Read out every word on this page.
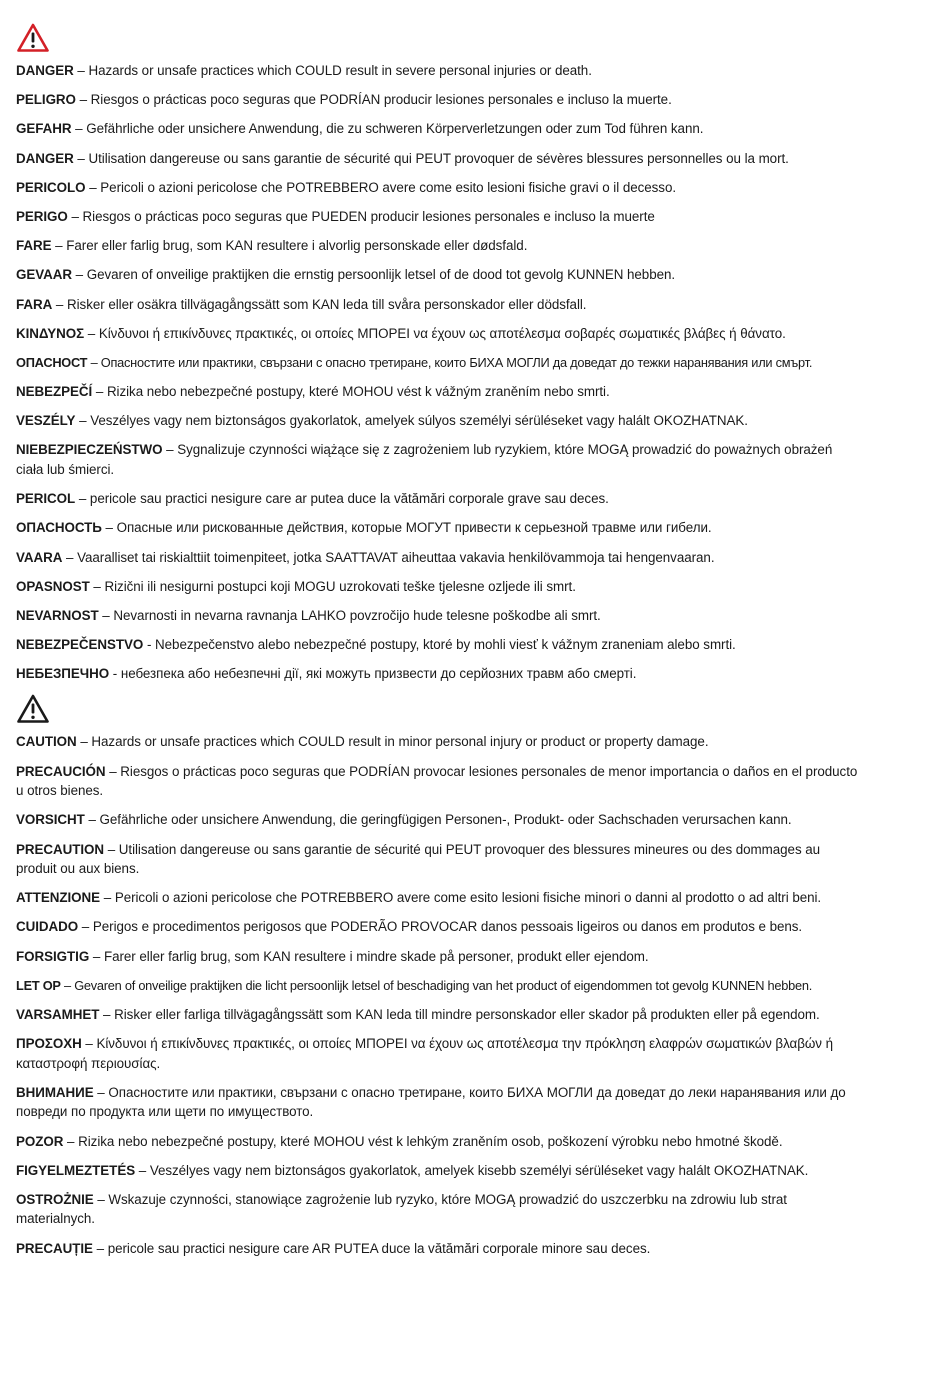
DANGER – Hazards or unsafe practices which COULD result in severe personal injuries or death.

PELIGRO – Riesgos o prácticas poco seguras que PODRÍAN producir lesiones personales e incluso la muerte.

GEFAHR – Gefährliche oder unsichere Anwendung, die zu schweren Körperverletzungen oder zum Tod führen kann.

DANGER – Utilisation dangereuse ou sans garantie de sécurité qui PEUT provoquer de sévères blessures personnelles ou la mort.

PERICOLO – Pericoli o azioni pericolose che POTREBBERO avere come esito lesioni fisiche gravi o il decesso.

PERIGO – Riesgos o prácticas poco seguras que PUEDEN producir lesiones personales e incluso la muerte

FARE – Farer eller farlig brug, som KAN resultere i alvorlig personskade eller dødsfald.

GEVAAR – Gevaren of onveilige praktijken die ernstig persoonlijk letsel of de dood tot gevolg KUNNEN hebben.

FARA – Risker eller osäkra tillvägagångssätt som KAN leda till svåra personskador eller dödsfall.

ΚΙΝΔΥΝΟΣ – Κίνδυνοι ή επικίνδυνες πρακτικές, οι οποίες ΜΠΟΡΕΙ να έχουν ως αποτέλεσμα σοβαρές σωματικές βλάβες ή θάνατο.

ОПАСНОСТ – Опасностите или практики, свързани с опасно третиране, които БИХА МОГЛИ да доведат до тежки наранявания или смърт.

NEBEZPEČÍ – Rizika nebo nebezpečné postupy, které MOHOU vést k vážným zraněním nebo smrti.

VESZÉLY – Veszélyes vagy nem biztonságos gyakorlatok, amelyek súlyos személyi sérüléseket vagy halált OKOZHATNAK.

NIEBEZPIECZEŃSTWO – Sygnalizuje czynności wiążące się z zagrożeniem lub ryzykiem, które MOGĄ prowadzić do poważnych obrażeń ciała lub śmierci.

PERICOL – pericole sau practici nesigure care ar putea duce la vătămări corporale grave sau deces.

ОПАСНОСТЬ – Опасные или рискованные действия, которые МОГУТ привести к серьезной травме или гибели.

VAARA – Vaaralliset tai riskialttiit toimenpiteet, jotka SAATTAVAT aiheuttaa vakavia henkilövammoja tai hengenvaaran.

OPASNOST – Rizični ili nesigurni postupci koji MOGU uzrokovati teške tjelesne ozljede ili smrt.

NEVARNOST – Nevarnosti in nevarna ravnanja LAHKO povzročijo hude telesne poškodbe ali smrt.

NEBEZPEČENSTVO - Nebezpečenstvo alebo nebezpečné postupy, ktoré by mohli viesť k vážnym zraneniam alebo smrti.

НЕБЕЗПЕЧНО - небезпека або небезпечні дії, які можуть призвести до серйозних травм або смерті.

CAUTION – Hazards or unsafe practices which COULD result in minor personal injury or product or property damage.

PRECAUCIÓN – Riesgos o prácticas poco seguras que PODRÍAN provocar lesiones personales de menor importancia o daños en el producto u otros bienes.

VORSICHT – Gefährliche oder unsichere Anwendung, die geringfügigen Personen-, Produkt- oder Sachschaden verursachen kann.

PRECAUTION – Utilisation dangereuse ou sans garantie de sécurité qui PEUT provoquer des blessures mineures ou des dommages au produit ou aux biens.

ATTENZIONE – Pericoli o azioni pericolose che POTREBBERO avere come esito lesioni fisiche minori o danni al prodotto o ad altri beni.

CUIDADO – Perigos e procedimentos perigosos que PODERÃO PROVOCAR danos pessoais ligeiros ou danos em produtos e bens.

FORSIGTIG – Farer eller farlig brug, som KAN resultere i mindre skade på personer, produkt eller ejendom.

LET OP – Gevaren of onveilige praktijken die licht persoonlijk letsel of beschadiging van het product of eigendommen tot gevolg KUNNEN hebben.

VARSAMHET – Risker eller farliga tillvägagångssätt som KAN leda till mindre personskador eller skador på produkten eller på egendom.

ΠΡΟΣΟΧΗ – Κίνδυνοι ή επικίνδυνες πρακτικές, οι οποίες ΜΠΟΡΕΙ να έχουν ως αποτέλεσμα την πρόκληση ελαφρών σωματικών βλαβών ή καταστροφή περιουσίας.

ВНИМАНИЕ – Опасностите или практики, свързани с опасно третиране, които БИХА МОГЛИ да доведат до леки наранявания или до повреди по продукта или щети по имуществото.

POZOR – Rizika nebo nebezpečné postupy, které MOHOU vést k lehkým zraněním osob, poškození výrobku nebo hmotné škodě.

FIGYELMEZTETÉS – Veszélyes vagy nem biztonságos gyakorlatok, amelyek kisebb személyi sérüléseket vagy halált OKOZHATNAK.

OSTROŻNIE – Wskazuje czynności, stanowiące zagrożenie lub ryzyko, które MOGĄ prowadzić do uszczerbku na zdrowiu lub strat materialnych.

PRECAUȚIE – pericole sau practici nesigure care AR PUTEA duce la vătămări corporale minore sau deces.
